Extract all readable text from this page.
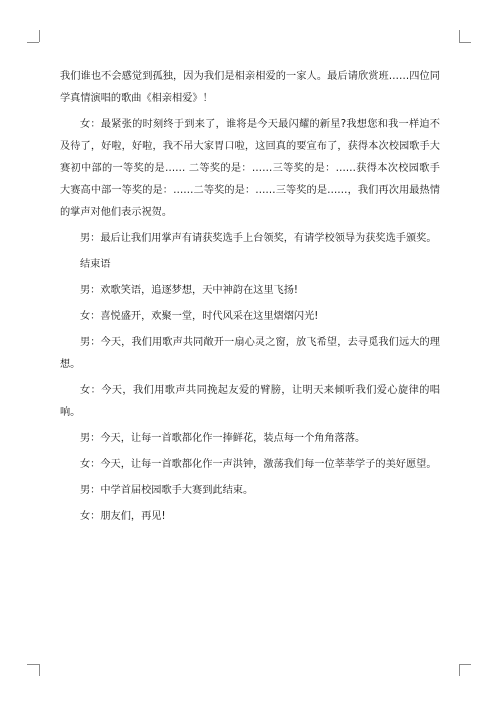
我们谁也不会感觉到孤独，因为我们是相亲相爱的一家人。最后请欣赏班……四位同学真情演唱的歌曲《相亲相爱》！

女：最紧张的时刻终于到来了，谁将是今天最闪耀的新星?我想您和我一样迫不及待了，好啦，好啦，我不吊大家胃口啦，这回真的要宣布了，获得本次校园歌手大赛初中部的一等奖的是…… 二等奖的是：……三等奖的是：……获得本次校园歌手大赛高中部一等奖的是：……二等奖的是：……三等奖的是……，我们再次用最热情的掌声对他们表示祝贺。

男：最后让我们用掌声有请获奖选手上台领奖，有请学校领导为获奖选手颁奖。

结束语

男：欢歌笑语，追逐梦想，天中神韵在这里飞扬!

女：喜悦盛开，欢聚一堂，时代风采在这里熠熠闪光!

男：今天，我们用歌声共同敞开一扇心灵之窗，放飞希望，去寻觅我们远大的理想。

女：今天，我们用歌声共同挽起友爱的臂膀，让明天来倾听我们爱心旋律的唱响。

男：今天，让每一首歌都化作一捧鲜花，装点每一个角角落落。

女：今天，让每一首歌都化作一声洪钟，激荡我们每一位莘莘学子的美好愿望。

男：中学首届校园歌手大赛到此结束。

女：朋友们，再见!
